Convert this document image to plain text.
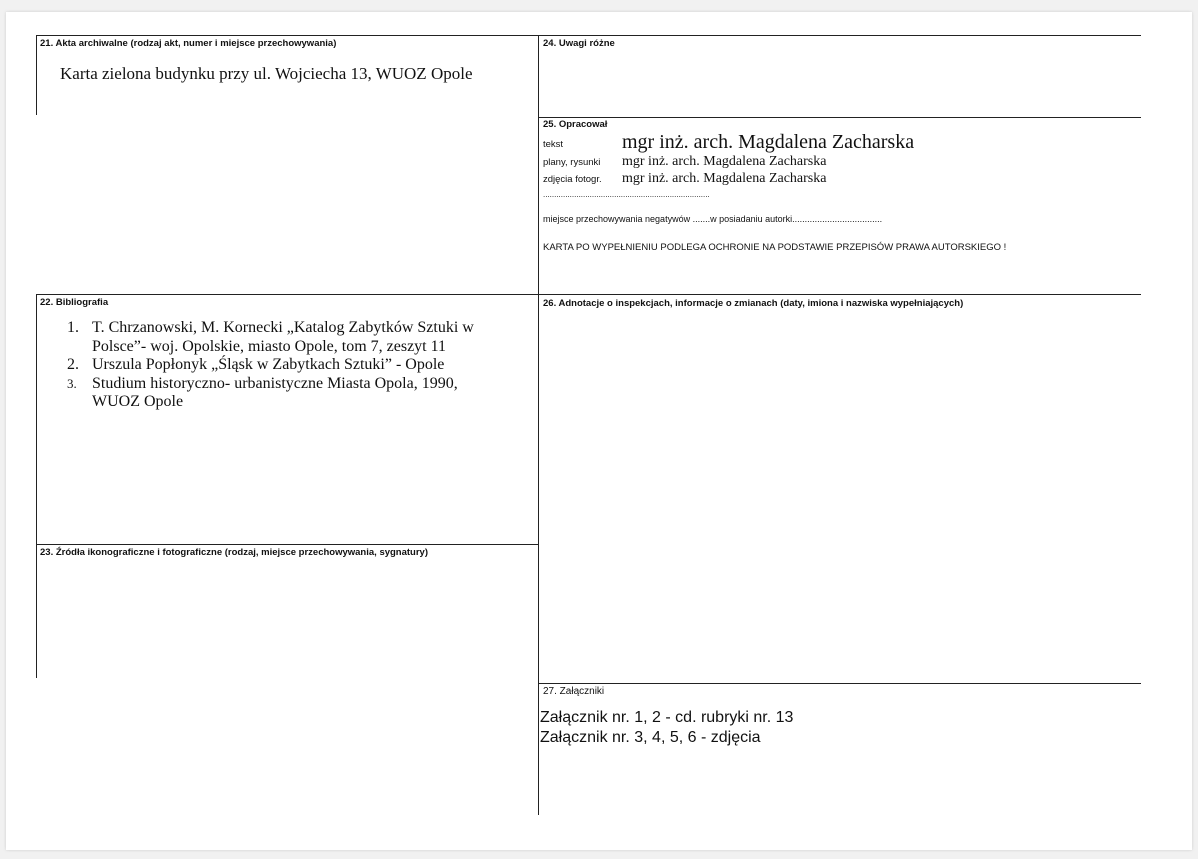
21. Akta archiwalne (rodzaj akt, numer i miejsce przechowywania)
Karta zielona budynku przy ul. Wojciecha 13, WUOZ Opole
24. Uwagi różne
25. Opracował
tekst	mgr inż. arch. Magdalena Zacharska
plany, rysunki mgr inż. arch. Magdalena Zacharska
zdjęcia fotogr. mgr inż. arch. Magdalena Zacharska
...........................................................................
miejsce przechowywania negatywów .......w posiadaniu autorki....................................
KARTA PO WYPEŁNIENIU PODLEGA OCHRONIE NA PODSTAWIE PRZEPISÓW PRAWA AUTORSKIEGO !
22. Bibliografia
1. T. Chrzanowski, M. Kornecki „Katalog Zabytków Sztuki w
Polsce”- woj. Opolskie, miasto Opole, tom 7, zeszyt 11
2. Urszula Popłonyk „Śląsk w Zabytkach Sztuki” - Opole
3. Studium historyczno- urbanistyczne Miasta Opola, 1990,
WUOZ Opole
26. Adnotacje o inspekcjach, informacje o zmianach (daty, imiona i nazwiska wypełniających)
23. Źródła ikonograficzne i fotograficzne (rodzaj, miejsce przechowywania, sygnatury)
27. Załączniki
Załącznik nr. 1, 2 - cd. rubryki nr. 13
Załącznik nr. 3, 4, 5, 6 - zdjęcia
